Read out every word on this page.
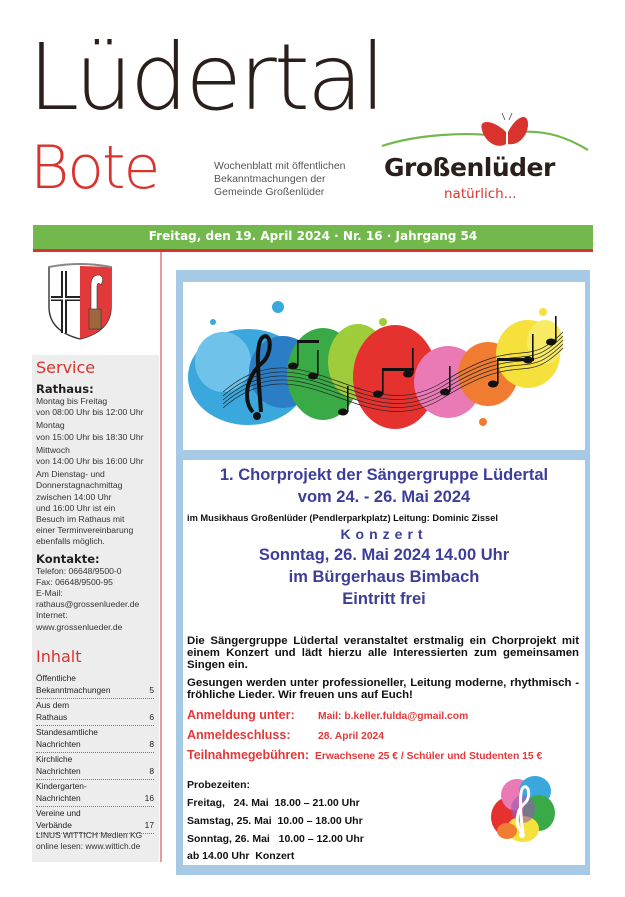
Lüdertal
Bote	Wochenblatt mit öffentlichen
Bekanntmachungen der
Gemeinde Großenlüder
Großenlüder
natürlich...
Freitag, den 19. April 2024 · Nr. 16 · Jahrgang 54
Service
Rathaus:
Montag bis Freitag
von 08:00 Uhr bis 12:00 Uhr
Montag
von 15:00 Uhr bis 18:30 Uhr
Mittwoch
von 14:00 Uhr bis 16:00 Uhr
Am Dienstag- und
Donnerstagnachmittag
zwischen 14:00 Uhr
und 16:00 Uhr ist ein
Besuch im Rathaus mit
einer Terminvereinbarung
ebenfalls möglich.
Kontakte:
Telefon: 06648/9500-0
Fax: 06648/9500-95
E-Mail:
rathaus@grossenlueder.de
Internet:
www.grossenlueder.de
Inhalt
Öffentliche
Bekanntmachungen	5
Aus dem
Rathaus	6
Standesamtliche
Nachrichten	8
Kirchliche
Nachrichten	8
Kindergarten-
Nachrichten	16
Vereine und
Verbände	17
LINUS WITTICH Medien KG
online lesen: www.wittich.de
1. Chorprojekt der Sängergruppe Lüdertal
vom 24. - 26. Mai 2024
im Musikhaus Großenlüder (Pendlerparkplatz) Leitung: Dominic Zissel
Konzert
Sonntag, 26. Mai 2024 14.00 Uhr
im Bürgerhaus Bimbach
Eintritt frei
Die Sängergruppe Lüdertal veranstaltet erstmalig ein Chorprojekt mit einem Konzert und lädt hierzu alle Interessierten zum gemeinsamen Singen ein.
Gesungen werden unter professioneller, Leitung moderne, rhythmisch - fröhliche Lieder. Wir freuen uns auf Euch!
Anmeldung unter: Mail: b.keller.fulda@gmail.com
Anmeldeschluss:	28. April 2024
Teilnahmegebühren: Erwachsene 25 € / Schüler und Studenten 15 €
Probezeiten:
Freitag,   24. Mai  18.00 – 21.00 Uhr
Samstag, 25. Mai  10.00 – 18.00 Uhr
Sonntag, 26. Mai   10.00 – 12.00 Uhr
ab 14.00 Uhr  Konzert
